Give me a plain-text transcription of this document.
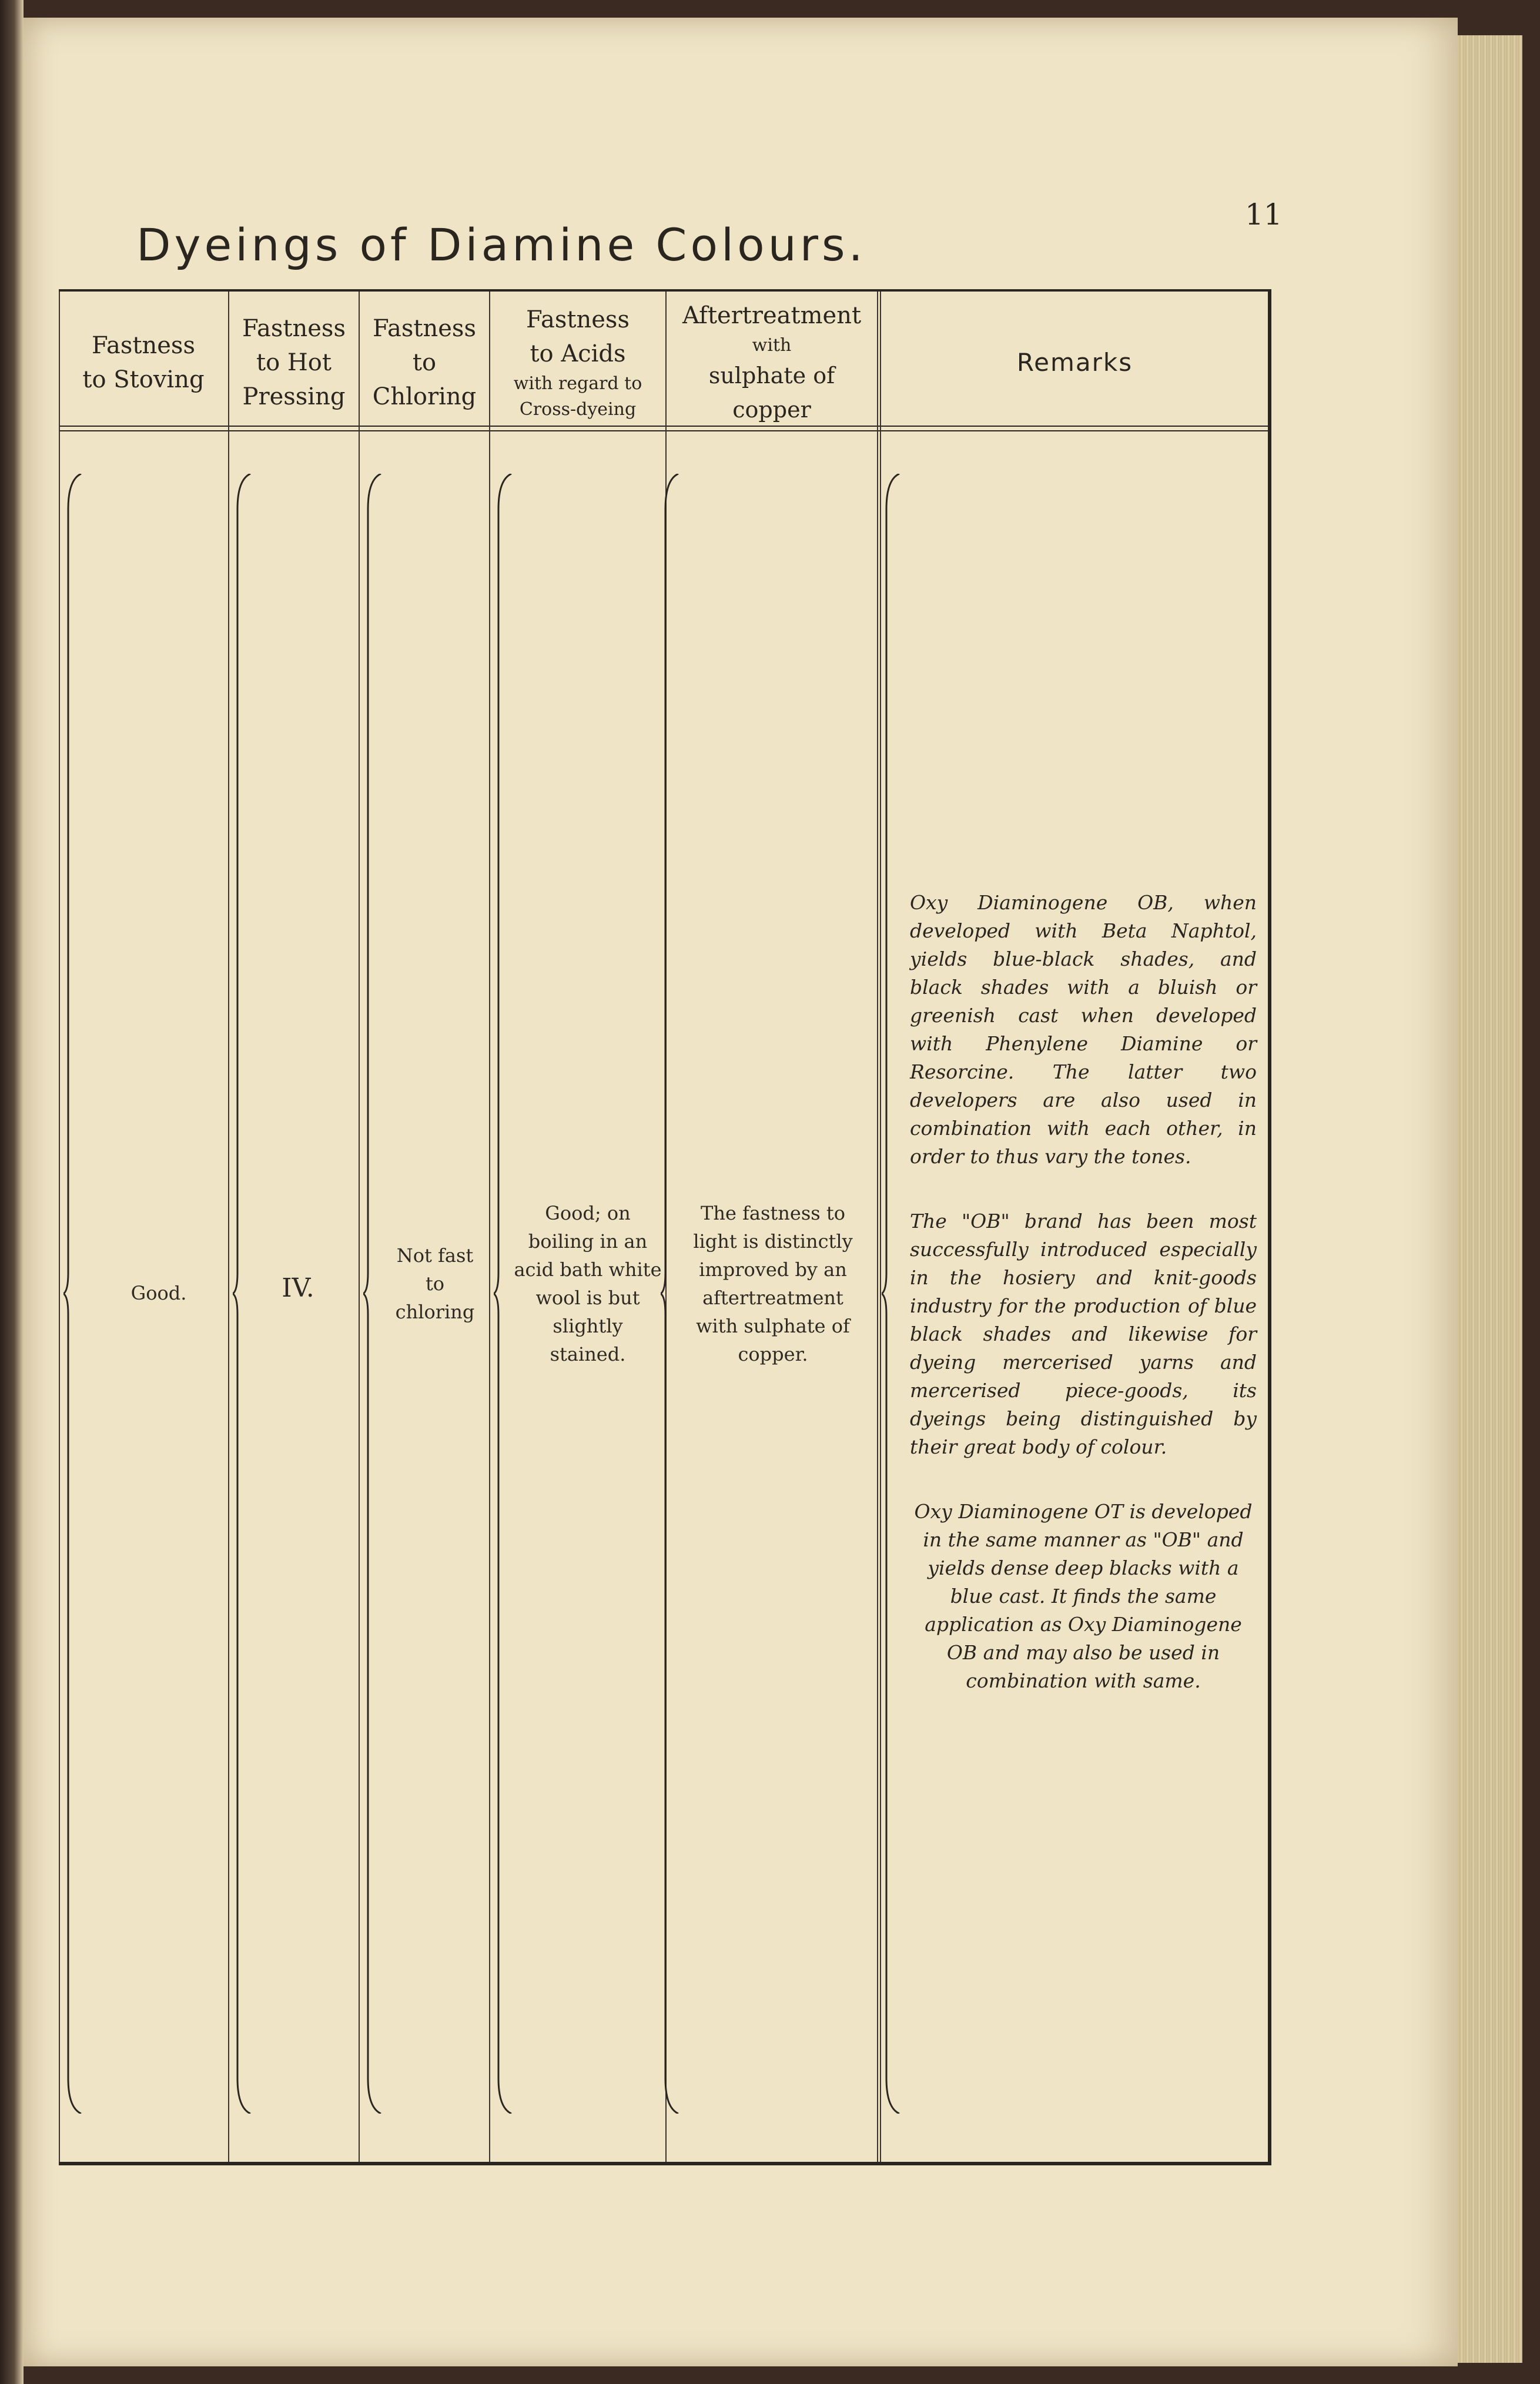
11
Dyeings of Diamine Colours.
Fastness
to Stoving
Fastness
to Hot
Pressing
Fastness
to
Chloring
Fastness
to Acids
with regard to
Cross-dyeing
Aftertreatment
with
sulphate of copper
Remarks
Good.	IV.
Not fast
to
chloring
Good; on
boiling in an
acid bath white
wool is but
slightly
stained.
The fastness to
light is distinctly
improved by an
aftertreatment
with sulphate of
copper.

Oxy Diaminogene OB, when developed with Beta Naphtol, yields blue-black shades, and black shades with a bluish or greenish cast when developed with Phenylene Diamine or Resorcine. The latter two developers are also used in combination with each other, in order to thus vary the tones.

The "OB" brand has been most successfully introduced especially in the hosiery and knit-goods industry for the production of blue black shades and likewise for dyeing mercerised yarns and mercerised piece-goods, its dyeings being distinguished by their great body of colour.

Oxy Diaminogene OT is developed in the same manner as "OB" and yields dense deep blacks with a blue cast. It finds the same application as Oxy Diaminogene OB and may also be used in combination with same.
